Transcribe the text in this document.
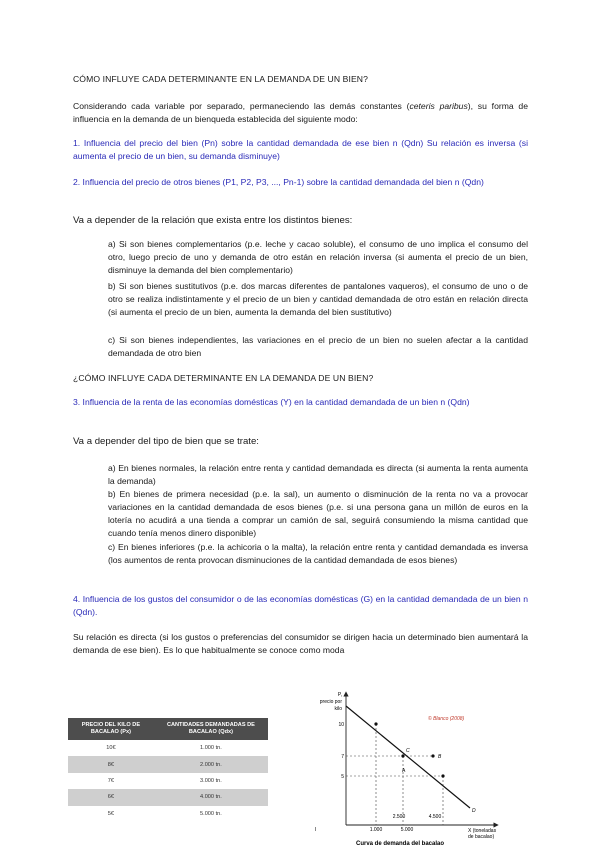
CÓMO INFLUYE CADA DETERMINANTE EN LA DEMANDA DE UN BIEN?

Considerando cada variable por separado, permaneciendo las demás constantes (ceteris paribus), su forma de influencia en la demanda de un bienqueda establecida del siguiente modo:

1. Influencia del precio del bien (Pn) sobre la cantidad demandada de ese bien n (Qdn) Su relación es inversa (si aumenta el precio de un bien, su demanda disminuye)

2. Influencia del precio de otros bienes (P1, P2, P3, ..., Pn-1) sobre la cantidad demandada del bien n (Qdn)

Va a depender de la relación que exista entre los distintos bienes:

a) Si son bienes complementarios (p.e. leche y cacao soluble), el consumo de uno implica el consumo del otro, luego precio de uno y demanda de otro están en relación inversa (si aumenta el precio de un bien, disminuye la demanda del bien complementario)

b) Si son bienes sustitutivos (p.e. dos marcas diferentes de pantalones vaqueros), el consumo de uno o de otro se realiza indistintamente y el precio de un bien y cantidad demandada de otro están en relación directa (si aumenta el precio de un bien, aumenta la demanda del bien sustitutivo)

c) Si son bienes independientes, las variaciones en el precio de un bien no suelen afectar a la cantidad demandada de otro bien

¿CÓMO INFLUYE CADA DETERMINANTE EN LA DEMANDA DE UN BIEN?

3. Influencia de la renta de las economías domésticas (Y) en la cantidad demandada de un bien n (Qdn)

Va a depender del tipo de bien que se trate:

a) En bienes normales, la relación entre renta y cantidad demandada es directa (si aumenta la renta aumenta la demanda)

b) En bienes de primera necesidad (p.e. la sal), un aumento o disminución de la renta no va a provocar variaciones en la cantidad demandada de esos bienes (p.e. si una persona gana un millón de euros en la lotería no acudirá a una tienda a comprar un camión de sal, seguirá consumiendo la misma cantidad que cuando tenía menos dinero disponible)

c) En bienes inferiores (p.e. la achicoria o la malta), la relación entre renta y cantidad demandada es inversa (los aumentos de renta provocan disminuciones de la cantidad demandada de esos bienes)

4. Influencia de los gustos del consumidor o de las economías domésticas (G) en la cantidad demandada de un bien n (Qdn).

Su relación es directa (si los gustos o preferencias del consumidor se dirigen hacia un determinado bien aumentará la demanda de ese bien). Es lo que habitualmente se conoce como moda

PRECIO DEL KILO DE BACALAO (Px)	CANTIDADES DEMANDADAS DE BACALAO (Qdx)
10€	1.000 tn.
8€	2.000 tn.
7€	3.000 tn.
6€	4.000 tn.
5€	5.000 tn.
P,
precio por
kilo
X (toneladas
de bacalao)
© Blanco (2008)
10
7
5
A
B
C
D
1.000
2.500
5.000
4.500
I
Curva de demanda del bacalao
